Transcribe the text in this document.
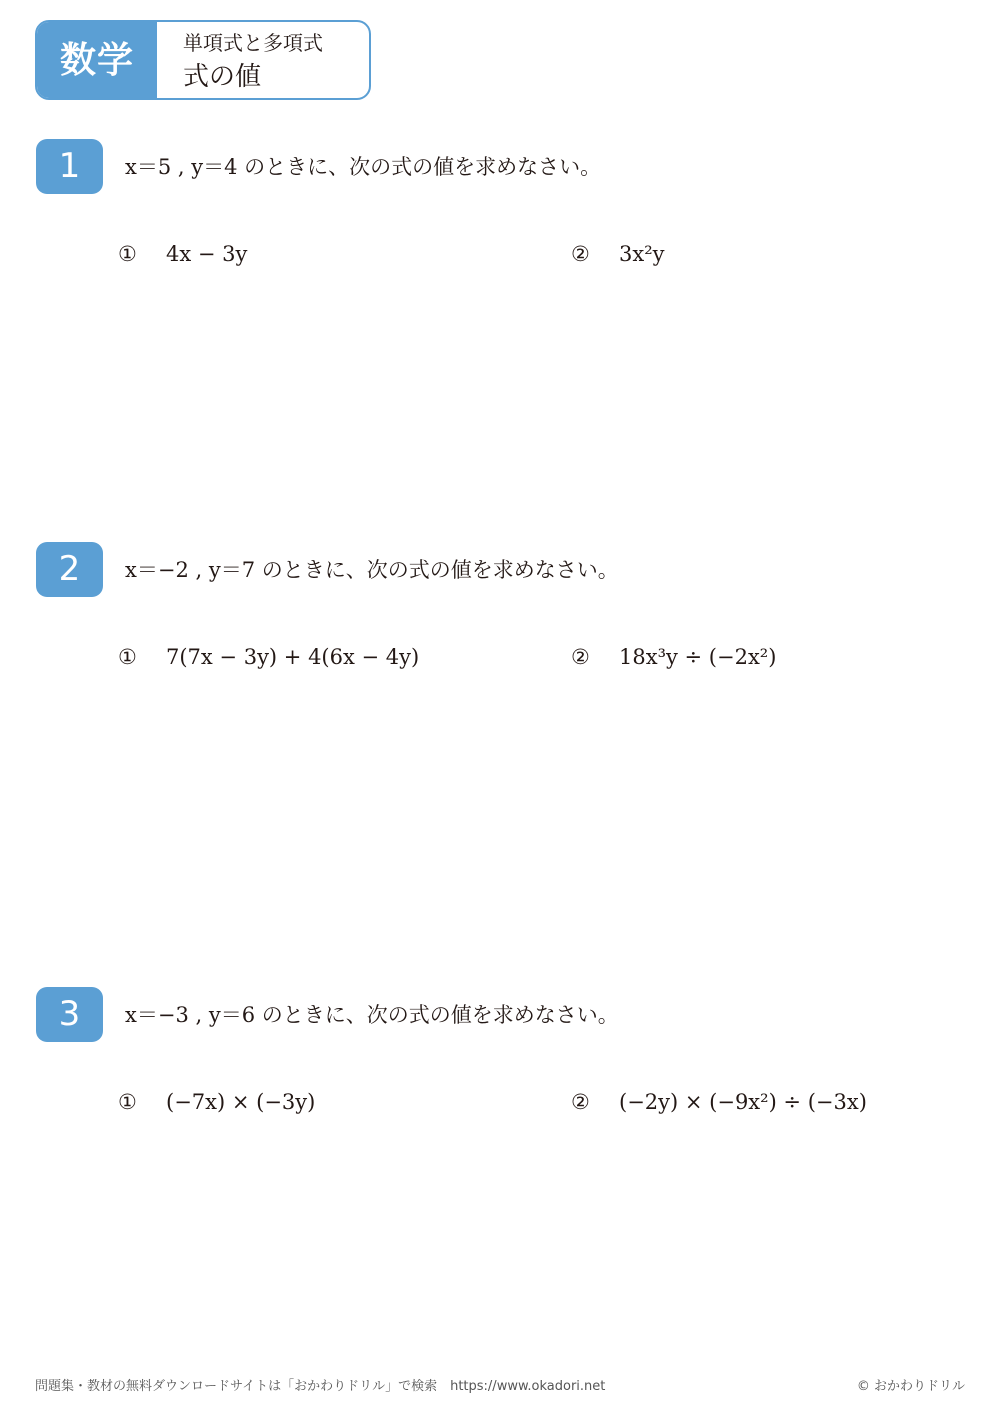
数学	単項式と多項式
式の値
1	x＝5 , y＝4 のときに、次の式の値を求めなさい。
① 4x − 3y	② 3x²y
2	x＝−2 , y＝7 のときに、次の式の値を求めなさい。
① 7(7x − 3y) + 4(6x − 4y)	② 18x³y ÷ (−2x²)
3	x＝−3 , y＝6 のときに、次の式の値を求めなさい。
① (−7x) × (−3y)	② (−2y) × (−9x²) ÷ (−3x)
問題集・教材の無料ダウンロードサイトは「おかわりドリル」で検索　https://www.okadori.net	© おかわりドリル
